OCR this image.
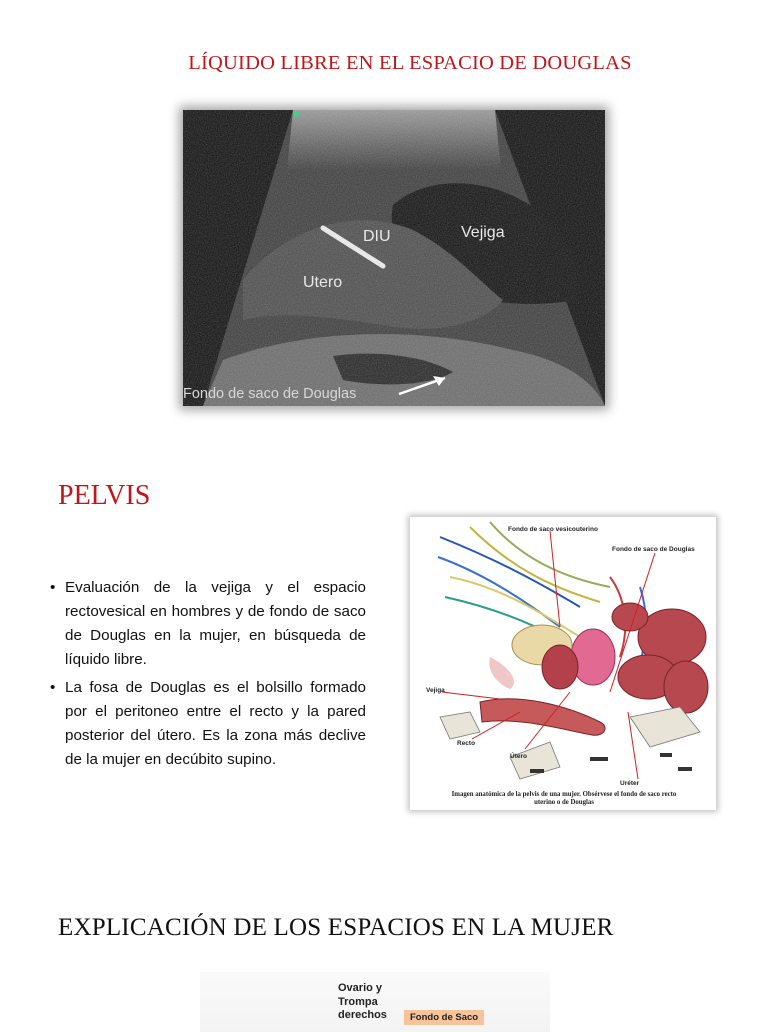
LÍQUIDO LIBRE EN EL ESPACIO DE DOUGLAS
DIU	Vejiga
Utero
Fondo de saco de Douglas
PELVIS
• Evaluación de la vejiga y el espacio rectovesical en hombres y de fondo de saco de Douglas en la mujer, en búsqueda de líquido libre.
• La fosa de Douglas es el bolsillo formado por el peritoneo entre el recto y la pared posterior del útero. Es la zona más declive de la mujer en decúbito supino.
Fondo de saco vesicouterino
Fondo de saco de Douglas
Vejiga
Recto
Útero
Uréter
Imagen anatómica de la pelvis de una mujer. Obsérvese el fondo de saco recto
uterino o de Douglas
EXPLICACIÓN DE LOS ESPACIOS EN LA MUJER
Ovario y
Trompa
derechos	Fondo de Saco
